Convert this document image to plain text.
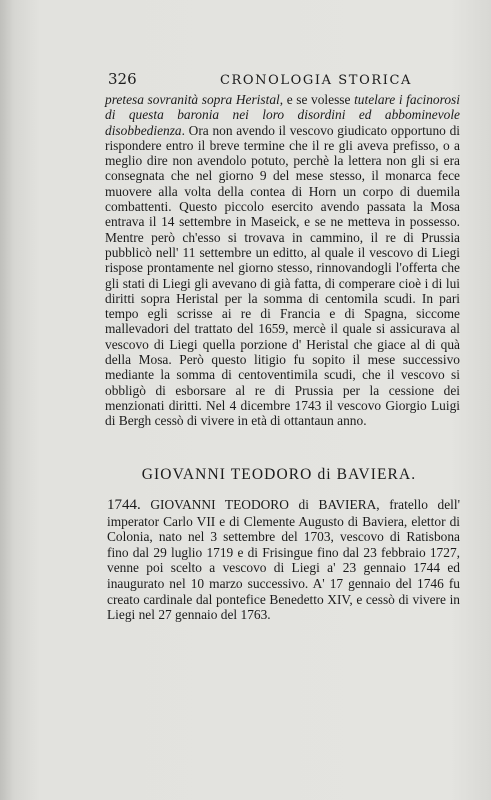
326	CRONOLOGIA STORICA
pretesa sovranità sopra Heristal, e se volesse tutelare i facinorosi di questa baronia nei loro disordini ed abbominevole disobbedienza. Ora non avendo il vescovo giudicato opportuno di rispondere entro il breve termine che il re gli aveva prefisso, o a meglio dire non avendolo potuto, perchè la lettera non gli si era consegnata che nel giorno 9 del mese stesso, il monarca fece muovere alla volta della contea di Horn un corpo di duemila combattenti. Questo piccolo esercito avendo passata la Mosa entrava il 14 settembre in Maseick, e se ne metteva in possesso. Mentre però ch'esso si trovava in cammino, il re di Prussia pubblicò nell' 11 settembre un editto, al quale il vescovo di Liegi rispose prontamente nel giorno stesso, rinnovandogli l'offerta che gli stati di Liegi gli avevano di già fatta, di comperare cioè i di lui diritti sopra Heristal per la somma di centomila scudi. In pari tempo egli scrisse ai re di Francia e di Spagna, siccome mallevadori del trattato del 1659, mercè il quale si assicurava al vescovo di Liegi quella porzione d' Heristal che giace al di quà della Mosa. Però questo litigio fu sopito il mese successivo mediante la somma di centoventimila scudi, che il vescovo si obbligò di esborsare al re di Prussia per la cessione dei menzionati diritti. Nel 4 dicembre 1743 il vescovo Giorgio Luigi di Bergh cessò di vivere in età di ottantaun anno.
GIOVANNI TEODORO di BAVIERA.
1744. GIOVANNI TEODORO di BAVIERA, fratello dell' imperator Carlo VII e di Clemente Augusto di Baviera, elettor di Colonia, nato nel 3 settembre del 1703, vescovo di Ratisbona fino dal 29 luglio 1719 e di Frisingue fino dal 23 febbraio 1727, venne poi scelto a vescovo di Liegi a' 23 gennaio 1744 ed inaugurato nel 10 marzo successivo. A' 17 gennaio del 1746 fu creato cardinale dal pontefice Benedetto XIV, e cessò di vivere in Liegi nel 27 gennaio del 1763.
